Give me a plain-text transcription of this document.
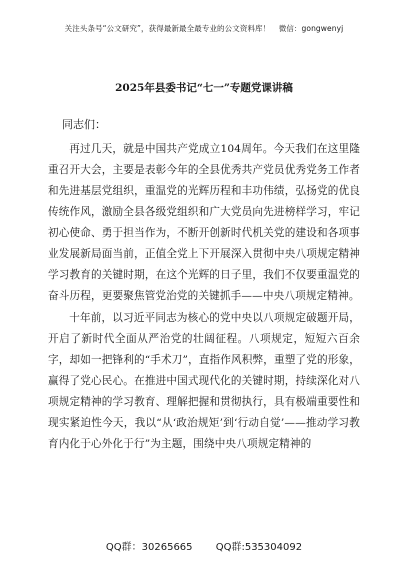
关注头条号“公文研究”，获得最新最全最专业的公文资料库！ 微信：gongwenyj
2025年县委书记“七一”专题党课讲稿

同志们：

再过几天，就是中国共产党成立104周年。今天我们在这里隆重召开大会，主要是表彰今年的全县优秀共产党员优秀党务工作者和先进基层党组织，重温党的光辉历程和丰功伟绩，弘扬党的优良传统作风，激励全县各级党组织和广大党员向先进榜样学习，牢记初心使命、勇于担当作为，不断开创新时代机关党的建设和各项事业发展新局面当前，正值全党上下开展深入贯彻中央八项规定精神学习教育的关键时期，在这个光辉的日子里，我们不仅要重温党的奋斗历程，更要聚焦管党治党的关键抓手——中央八项规定精神。

十年前，以习近平同志为核心的党中央以八项规定破题开局，开启了新时代全面从严治党的壮阔征程。八项规定，短短六百余字，却如一把锋利的“手术刀”，直指作风积弊，重塑了党的形象，赢得了党心民心。在推进中国式现代化的关键时期，持续深化对八项规定精神的学习教育、理解把握和贯彻执行，具有极端重要性和现实紧迫性今天，我以“从‘政治规矩’到‘行动自觉’——推动学习教育内化于心外化于行”为主题，围绕中央八项规定精神的

QQ群：30265665 QQ群:535304092
